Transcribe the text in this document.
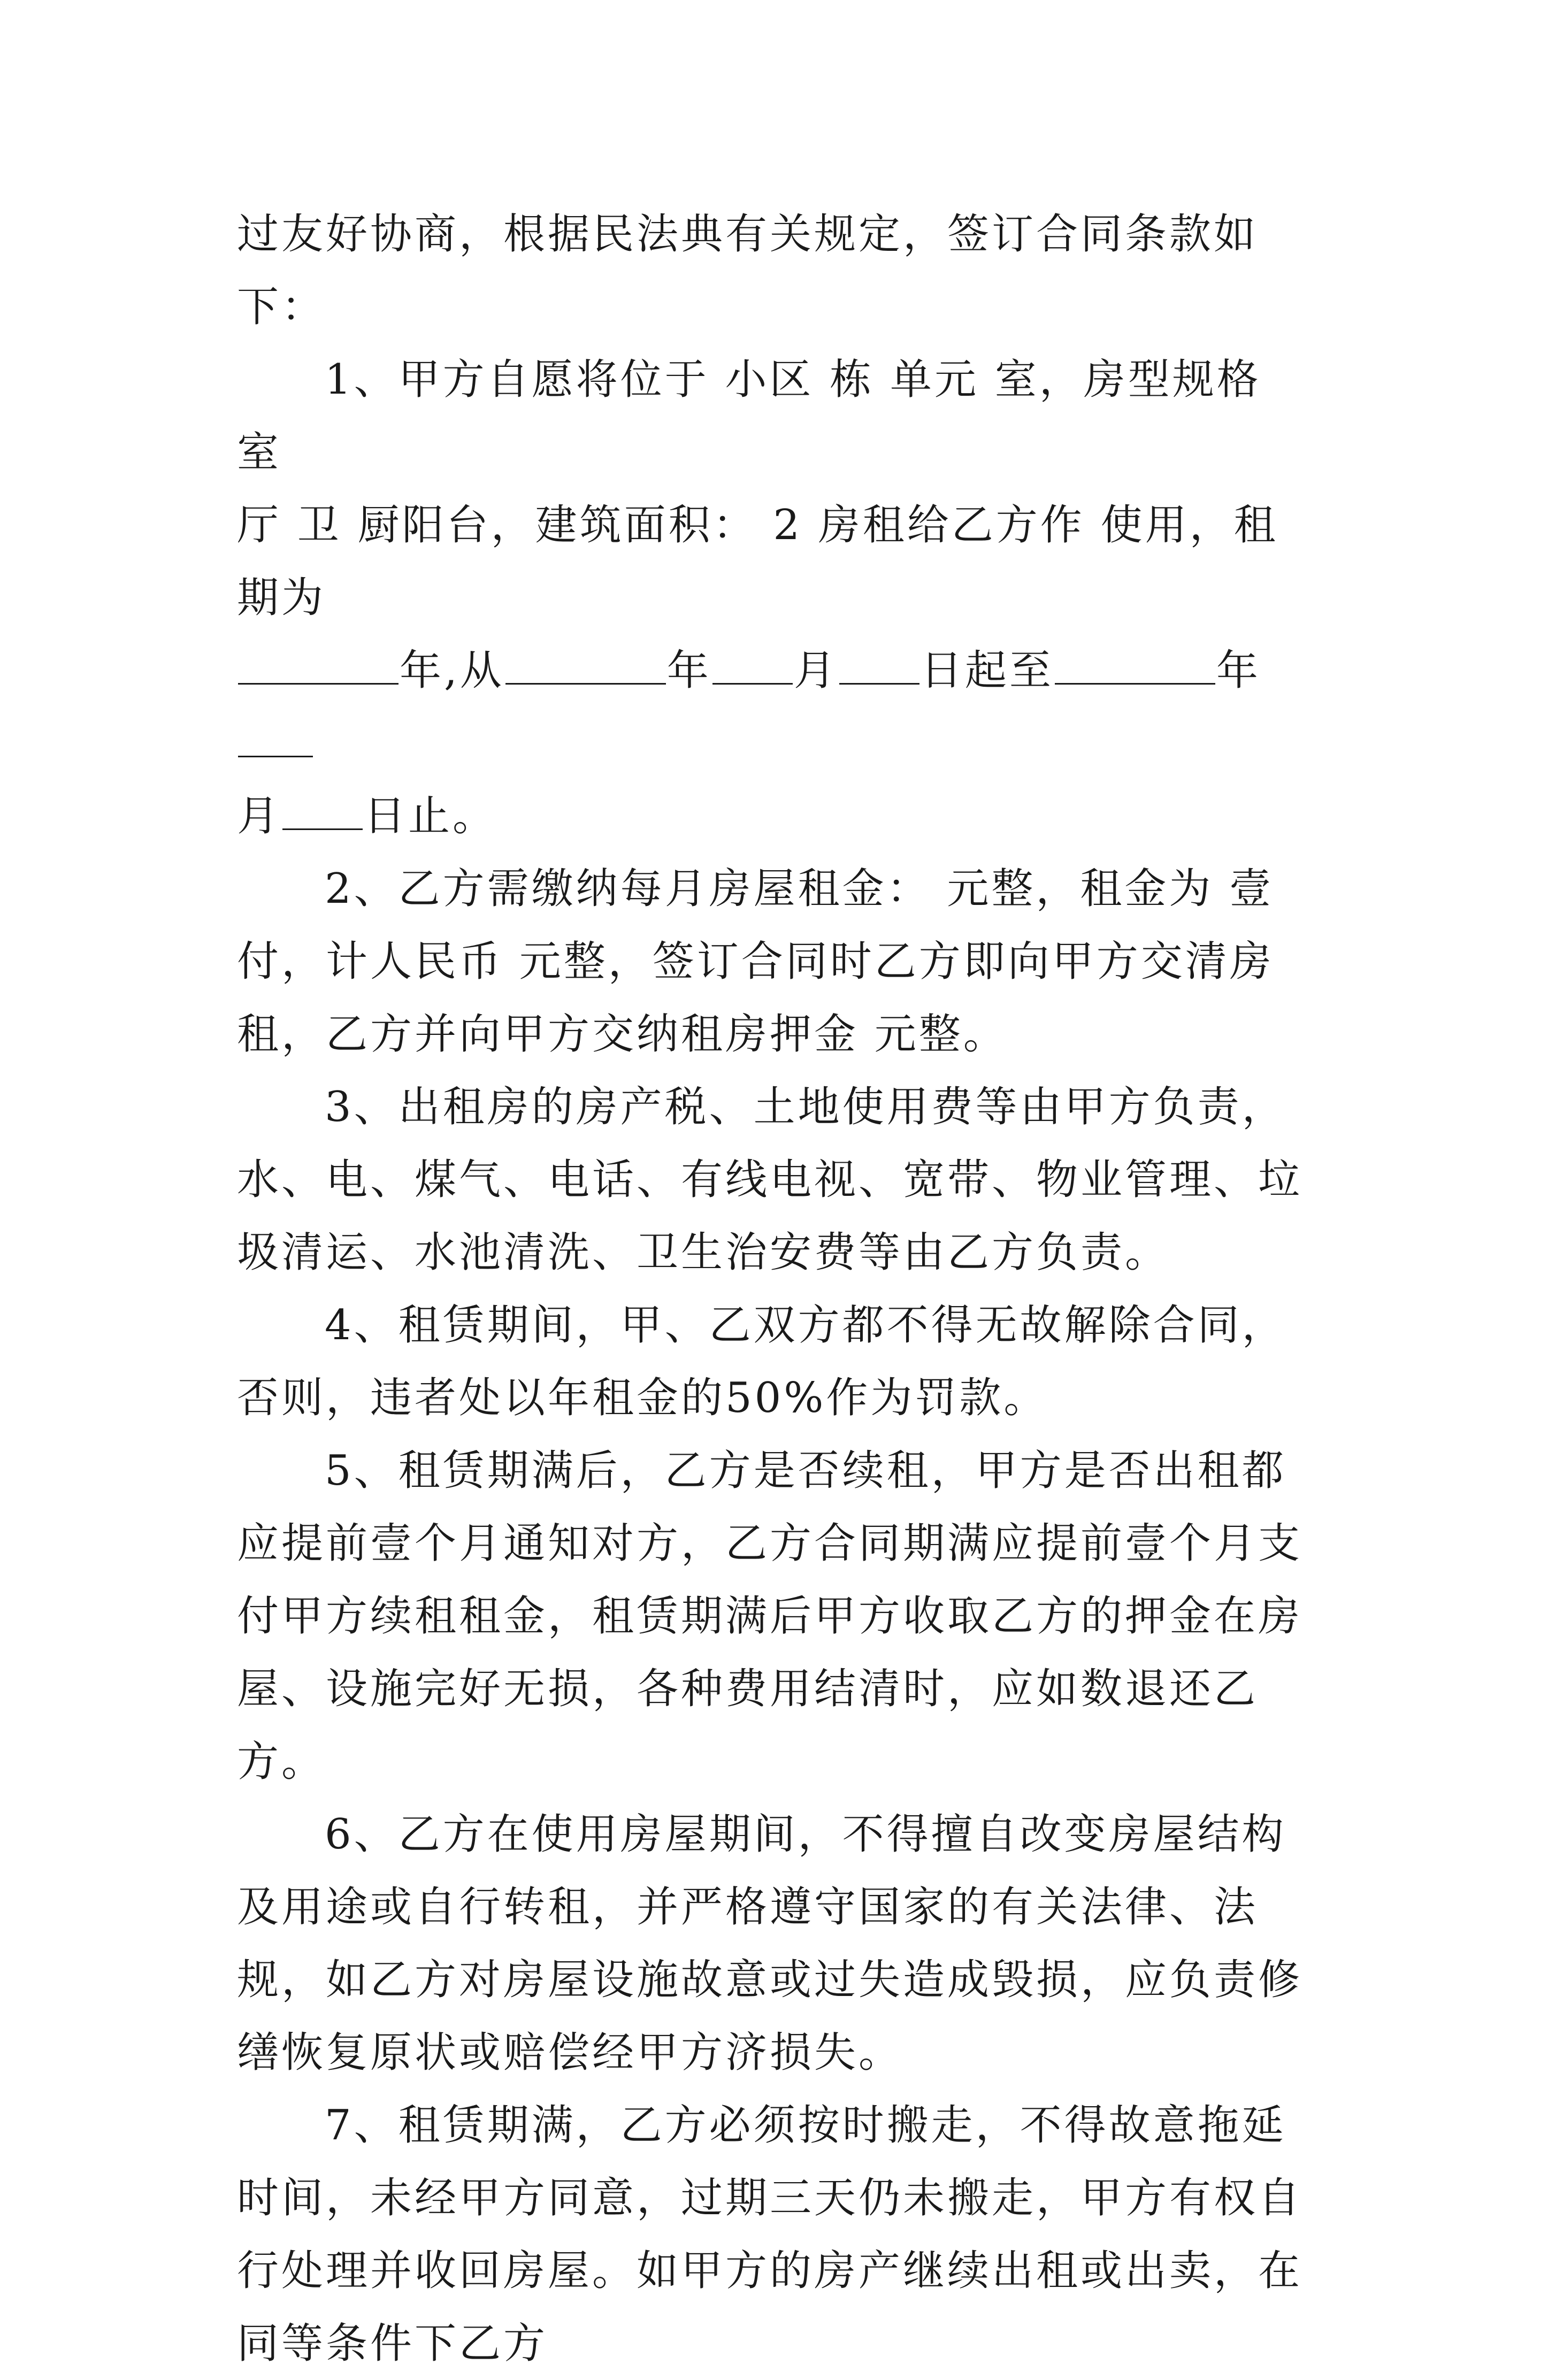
过友好协商，根据民法典有关规定，签订合同条款如下：

1、甲方自愿将位于 小区 栋 单元 室，房型规格 室
厅 卫 厨阳台，建筑面积： 2 房租给乙方作 使用，租期为
年,从	年 月 日起至	年
月 日止。

2、乙方需缴纳每月房屋租金： 元整，租金为 壹付，计人民币 元整，签订合同时乙方即向甲方交清房租，乙方并向甲方交纳租房押金 元整。

3、出租房的房产税、土地使用费等由甲方负责，水、电、煤气、电话、有线电视、宽带、物业管理、垃圾清运、水池清洗、卫生治安费等由乙方负责。

4、租赁期间，甲、乙双方都不得无故解除合同，否则，违者处以年租金的50%作为罚款。

5、租赁期满后，乙方是否续租，甲方是否出租都应提前壹个月通知对方，乙方合同期满应提前壹个月支付甲方续租租金，租赁期满后甲方收取乙方的押金在房屋、设施完好无损，各种费用结清时，应如数退还乙方。

6、乙方在使用房屋期间，不得擅自改变房屋结构及用途或自行转租，并严格遵守国家的有关法律、法规，如乙方对房屋设施故意或过失造成毁损，应负责修缮恢复原状或赔偿经甲方济损失。

7、租赁期满，乙方必须按时搬走，不得故意拖延时间，未经甲方同意，过期三天仍未搬走，甲方有权自行处理并收回房屋。如甲方的房产继续出租或出卖，在同等条件下乙方
